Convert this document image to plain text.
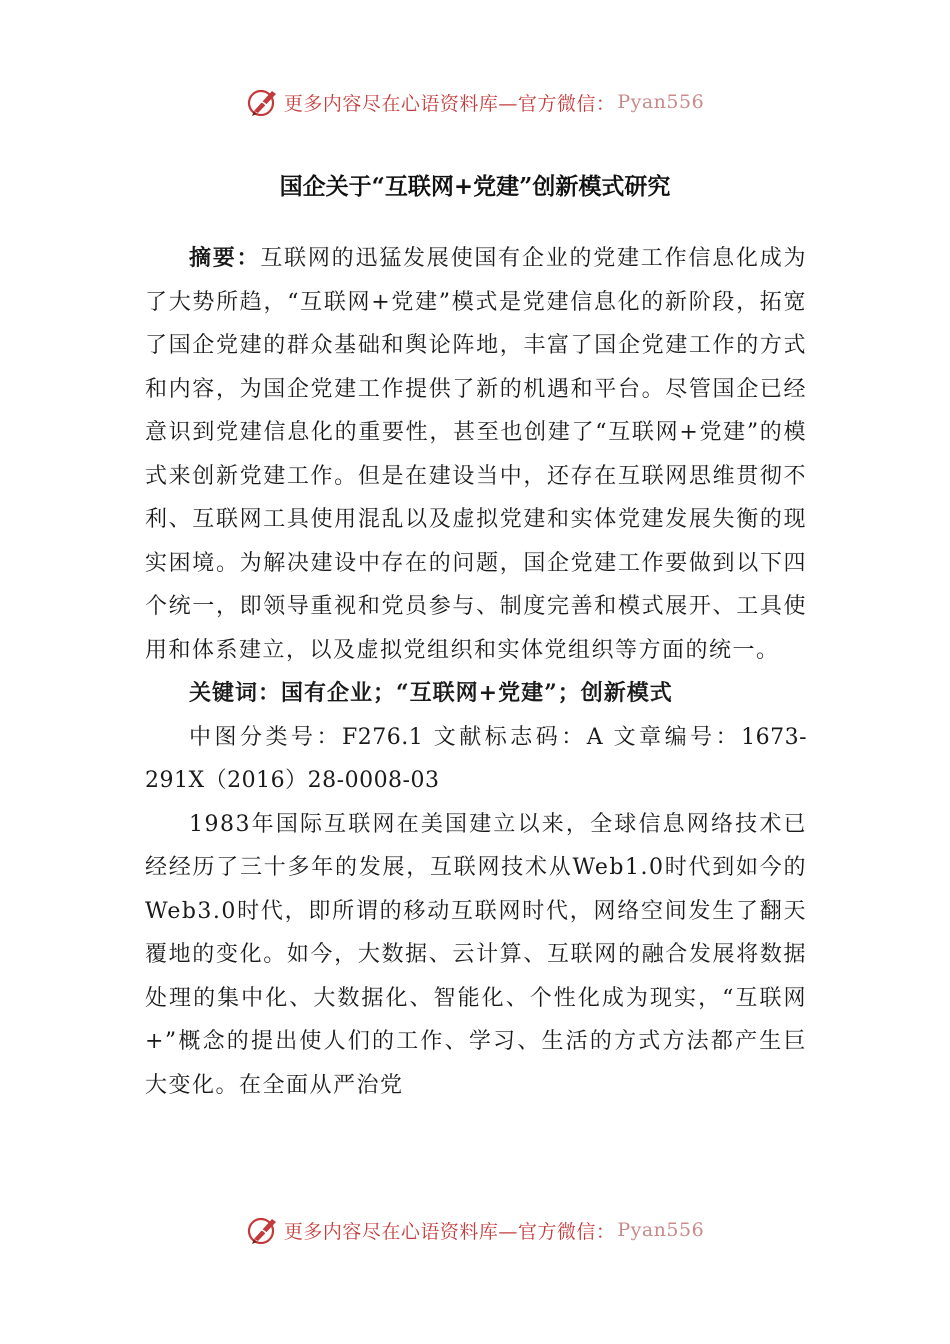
更多内容尽在心语资料库—官方微信： Pyan556
国企关于“互联网+党建”创新模式研究

摘要：互联网的迅猛发展使国有企业的党建工作信息化成为了大势所趋，“互联网+党建”模式是党建信息化的新阶段，拓宽了国企党建的群众基础和舆论阵地，丰富了国企党建工作的方式和内容，为国企党建工作提供了新的机遇和平台。尽管国企已经意识到党建信息化的重要性，甚至也创建了“互联网+党建”的模式来创新党建工作。但是在建设当中，还存在互联网思维贯彻不利、互联网工具使用混乱以及虚拟党建和实体党建发展失衡的现实困境。为解决建设中存在的问题，国企党建工作要做到以下四个统一，即领导重视和党员参与、制度完善和模式展开、工具使用和体系建立，以及虚拟党组织和实体党组织等方面的统一。

关键词：国有企业；“互联网+党建”；创新模式

中图分类号：F276.1 文献标志码：A 文章编号：1673-291X（2016）28-0008-03

1983年国际互联网在美国建立以来，全球信息网络技术已经经历了三十多年的发展，互联网技术从Web1.0时代到如今的Web3.0时代，即所谓的移动互联网时代，网络空间发生了翻天覆地的变化。如今，大数据、云计算、互联网的融合发展将数据处理的集中化、大数据化、智能化、个性化成为现实，“互联网+”概念的提出使人们的工作、学习、生活的方式方法都产生巨大变化。在全面从严治党

更多内容尽在心语资料库—官方微信： Pyan556
